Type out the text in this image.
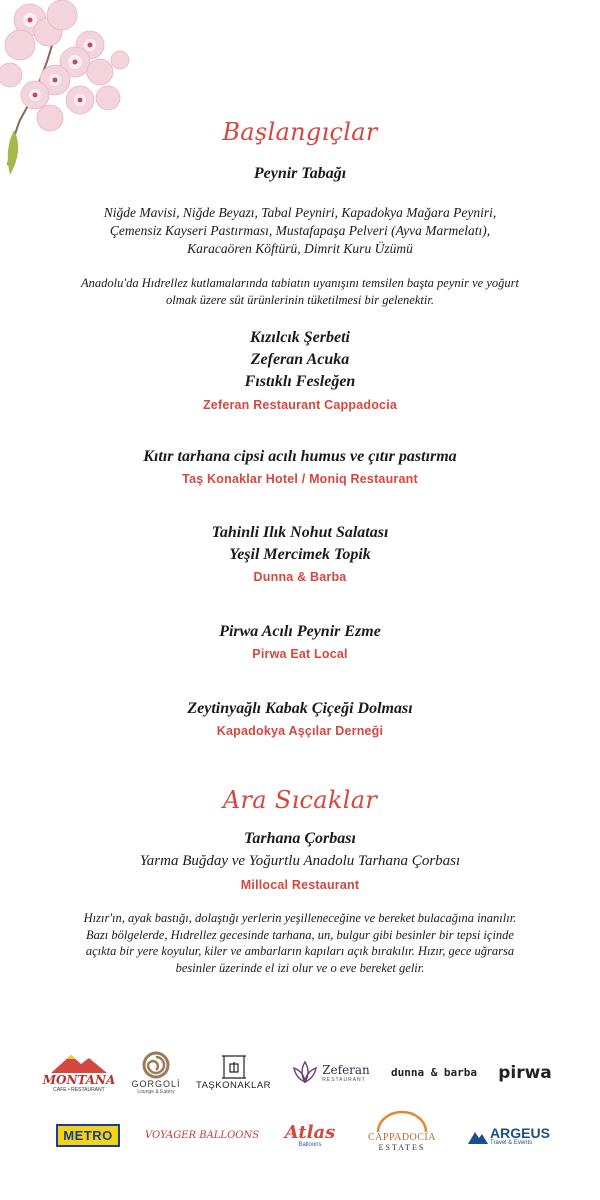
Başlangıçlar
Peynir Tabağı
Niğde Mavisi, Niğde Beyazı, Tabal Peyniri, Kapadokya Mağara Peyniri,
Çemensiz Kayseri Pastırması, Mustafapaşa Pelveri (Ayva Marmelatı),
Karacaören Köftürü, Dimrit Kuru Üzümü
Anadolu'da Hıdrellez kutlamalarında tabiatın uyanışını temsilen başta peynir ve yoğurt
olmak üzere süt ürünlerinin tüketilmesi bir gelenektir.
Kızılcık Şerbeti
Zeferan Acuka
Fıstıklı Fesleğen
Zeferan Restaurant Cappadocia
Kıtır tarhana cipsi acılı humus ve çıtır pastırma
Taş Konaklar Hotel / Moniq Restaurant
Tahinli Ilık Nohut Salatası
Yeşil Mercimek Topik
Dunna & Barba
Pirwa Acılı Peynir Ezme
Pirwa Eat Local
Zeytinyağlı Kabak Çiçeği Dolması
Kapadokya Aşçılar Derneği
Ara Sıcaklar
Tarhana Çorbası
Yarma Buğday ve Yoğurtlu Anadolu Tarhana Çorbası
Millocal Restaurant
Hızır'ın, ayak bastığı, dolaştığı yerlerin yeşilleneceğine ve bereket bulacağına inanılır.
Bazı bölgelerde, Hıdrellez gecesinde tarhana, un, bulgur gibi besinler bir tepsi içinde
açıkta bir yere koyulur, kiler ve ambarların kapıları açık bırakılır. Hızır, gece uğrarsa
besinler üzerinde el izi olur ve o eve bereket gelir.
MONTANA
CAFE • RESTAURANT
GORGOLİ
Lounge & Eatery
TAŞKONAKLAR
Zeferan
RESTAURANT
dunna & barba pirwa
METRO	VOYAGER BALLOONS Atlas
Balloons
CAPPADOCIA
ESTATES
ARGEUS
Travel & Events
